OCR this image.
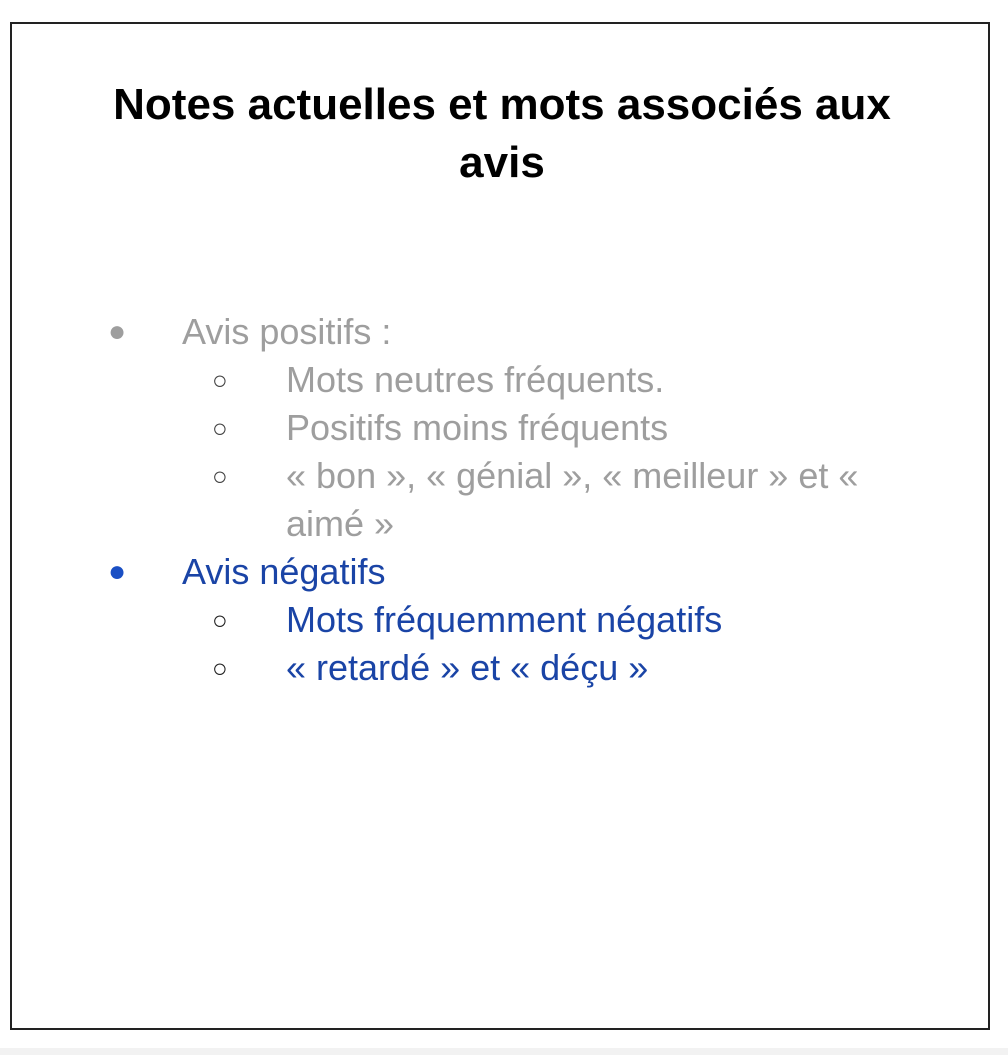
Notes actuelles et mots associés aux avis
● Avis positifs :
○ Mots neutres fréquents.
○ Positifs moins fréquents
○ « bon », « génial », « meilleur » et « aimé »
● Avis négatifs
○ Mots fréquemment négatifs
○ « retardé » et « déçu »
